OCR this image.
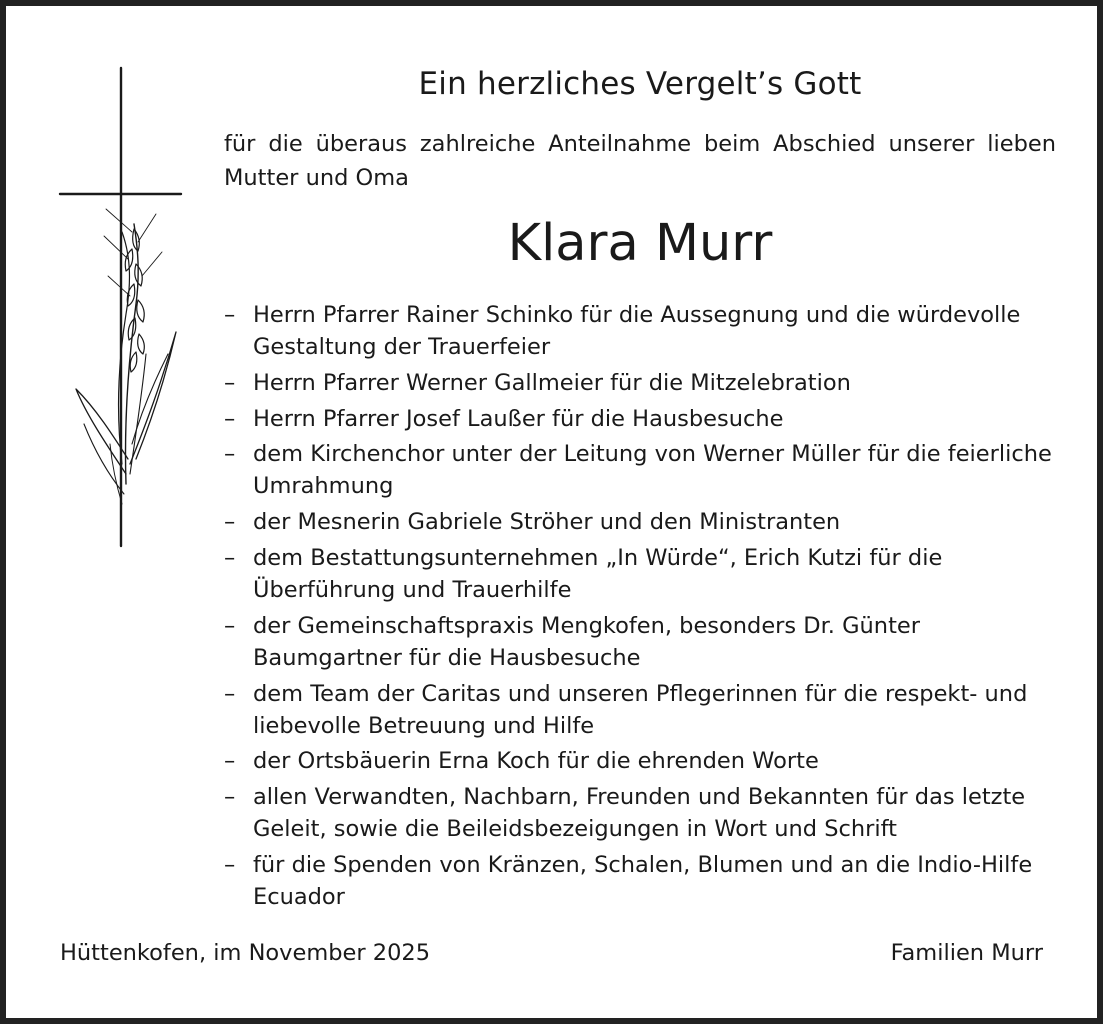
Ein herzliches Vergelt’s Gott
für die überaus zahlreiche Anteilnahme beim Abschied unserer lieben Mutter und Oma
Klara Murr
– Herrn Pfarrer Rainer Schinko für die Aussegnung und die würdevolle Gestaltung der Trauerfeier
– Herrn Pfarrer Werner Gallmeier für die Mitzelebration
– Herrn Pfarrer Josef Laußer für die Hausbesuche
– dem Kirchenchor unter der Leitung von Werner Müller für die feierliche Umrahmung
– der Mesnerin Gabriele Ströher und den Ministranten
– dem Bestattungsunternehmen „In Würde“, Erich Kutzi für die Überführung und Trauerhilfe
– der Gemeinschaftspraxis Mengkofen, besonders Dr. Günter Baumgartner für die Hausbesuche
– dem Team der Caritas und unseren Pflegerinnen für die respekt- und liebevolle Betreuung und Hilfe
– der Ortsbäuerin Erna Koch für die ehrenden Worte
– allen Verwandten, Nachbarn, Freunden und Bekannten für das letzte Geleit, sowie die Beileidsbezeigungen in Wort und Schrift
– für die Spenden von Kränzen, Schalen, Blumen und an die Indio-Hilfe Ecuador
Hüttenkofen, im November 2025	Familien Murr
